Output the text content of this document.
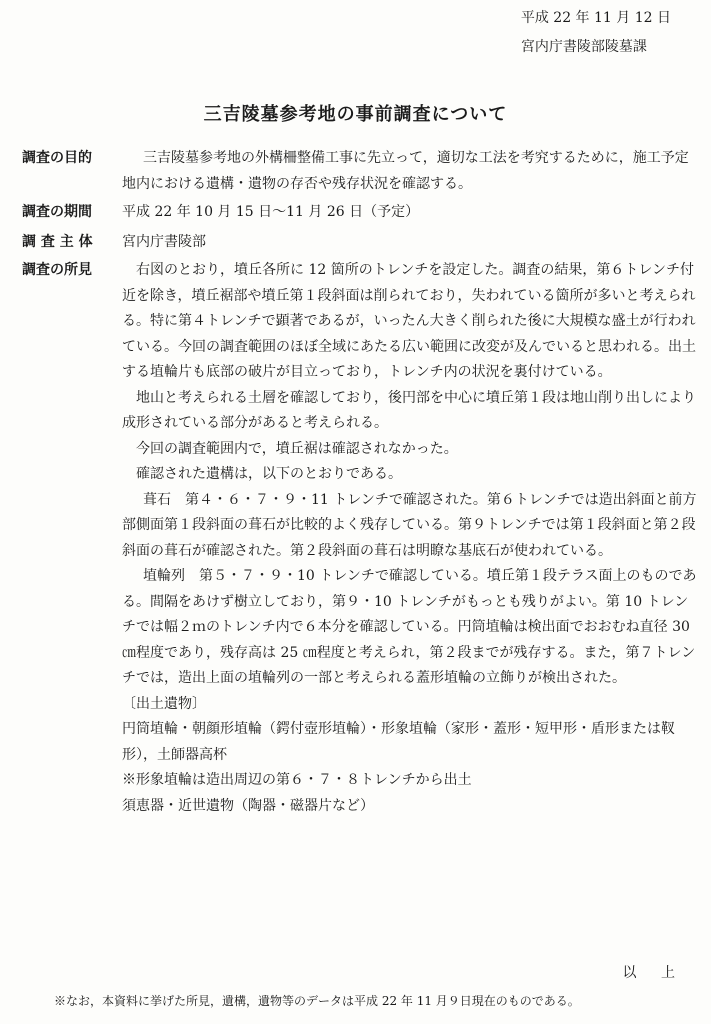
平成 22 年 11 月 12 日
宮内庁書陵部陵墓課
三吉陵墓参考地の事前調査について
調査の目的	三吉陵墓参考地の外構柵整備工事に先立って，適切な工法を考究するために，施工予定地内における遺構・遺物の存否や残存状況を確認する。

調査の期間	平成 22 年 10 月 15 日〜11 月 26 日（予定）

調 査 主 体	宮内庁書陵部

調査の所見	右図のとおり，墳丘各所に 12 箇所のトレンチを設定した。調査の結果，第６トレンチ付近を除き，墳丘裾部や墳丘第１段斜面は削られており，失われている箇所が多いと考えられる。特に第４トレンチで顕著であるが，いったん大きく削られた後に大規模な盛土が行われている。今回の調査範囲のほぼ全域にあたる広い範囲に改変が及んでいると思われる。出土する埴輪片も底部の破片が目立っており，トレンチ内の状況を裏付けている。

地山と考えられる土層を確認しており，後円部を中心に墳丘第１段は地山削り出しにより成形されている部分があると考えられる。

今回の調査範囲内で，墳丘裾は確認されなかった。

確認された遺構は，以下のとおりである。

葺石　第４・６・７・９・11 トレンチで確認された。第６トレンチでは造出斜面と前方部側面第１段斜面の葺石が比較的よく残存している。第９トレンチでは第１段斜面と第２段斜面の葺石が確認された。第２段斜面の葺石は明瞭な基底石が使われている。

埴輪列　第５・７・９・10 トレンチで確認している。墳丘第１段テラス面上のものである。間隔をあけず樹立しており，第９・10 トレンチがもっとも残りがよい。第 10 トレンチでは幅２ｍのトレンチ内で６本分を確認している。円筒埴輪は検出面でおおむね直径 30 ㎝程度であり，残存高は 25 ㎝程度と考えられ，第２段までが残存する。また，第７トレンチでは，造出上面の埴輪列の一部と考えられる蓋形埴輪の立飾りが検出された。

〔出土遺物〕

円筒埴輪・朝顔形埴輪（鍔付壺形埴輪）・形象埴輪（家形・蓋形・短甲形・盾形または靫形），土師器高杯

※形象埴輪は造出周辺の第６・７・８トレンチから出土

須恵器・近世遺物（陶器・磁器片など）

以 上
※なお，本資料に挙げた所見，遺構，遺物等のデータは平成 22 年 11 月９日現在のものである。
